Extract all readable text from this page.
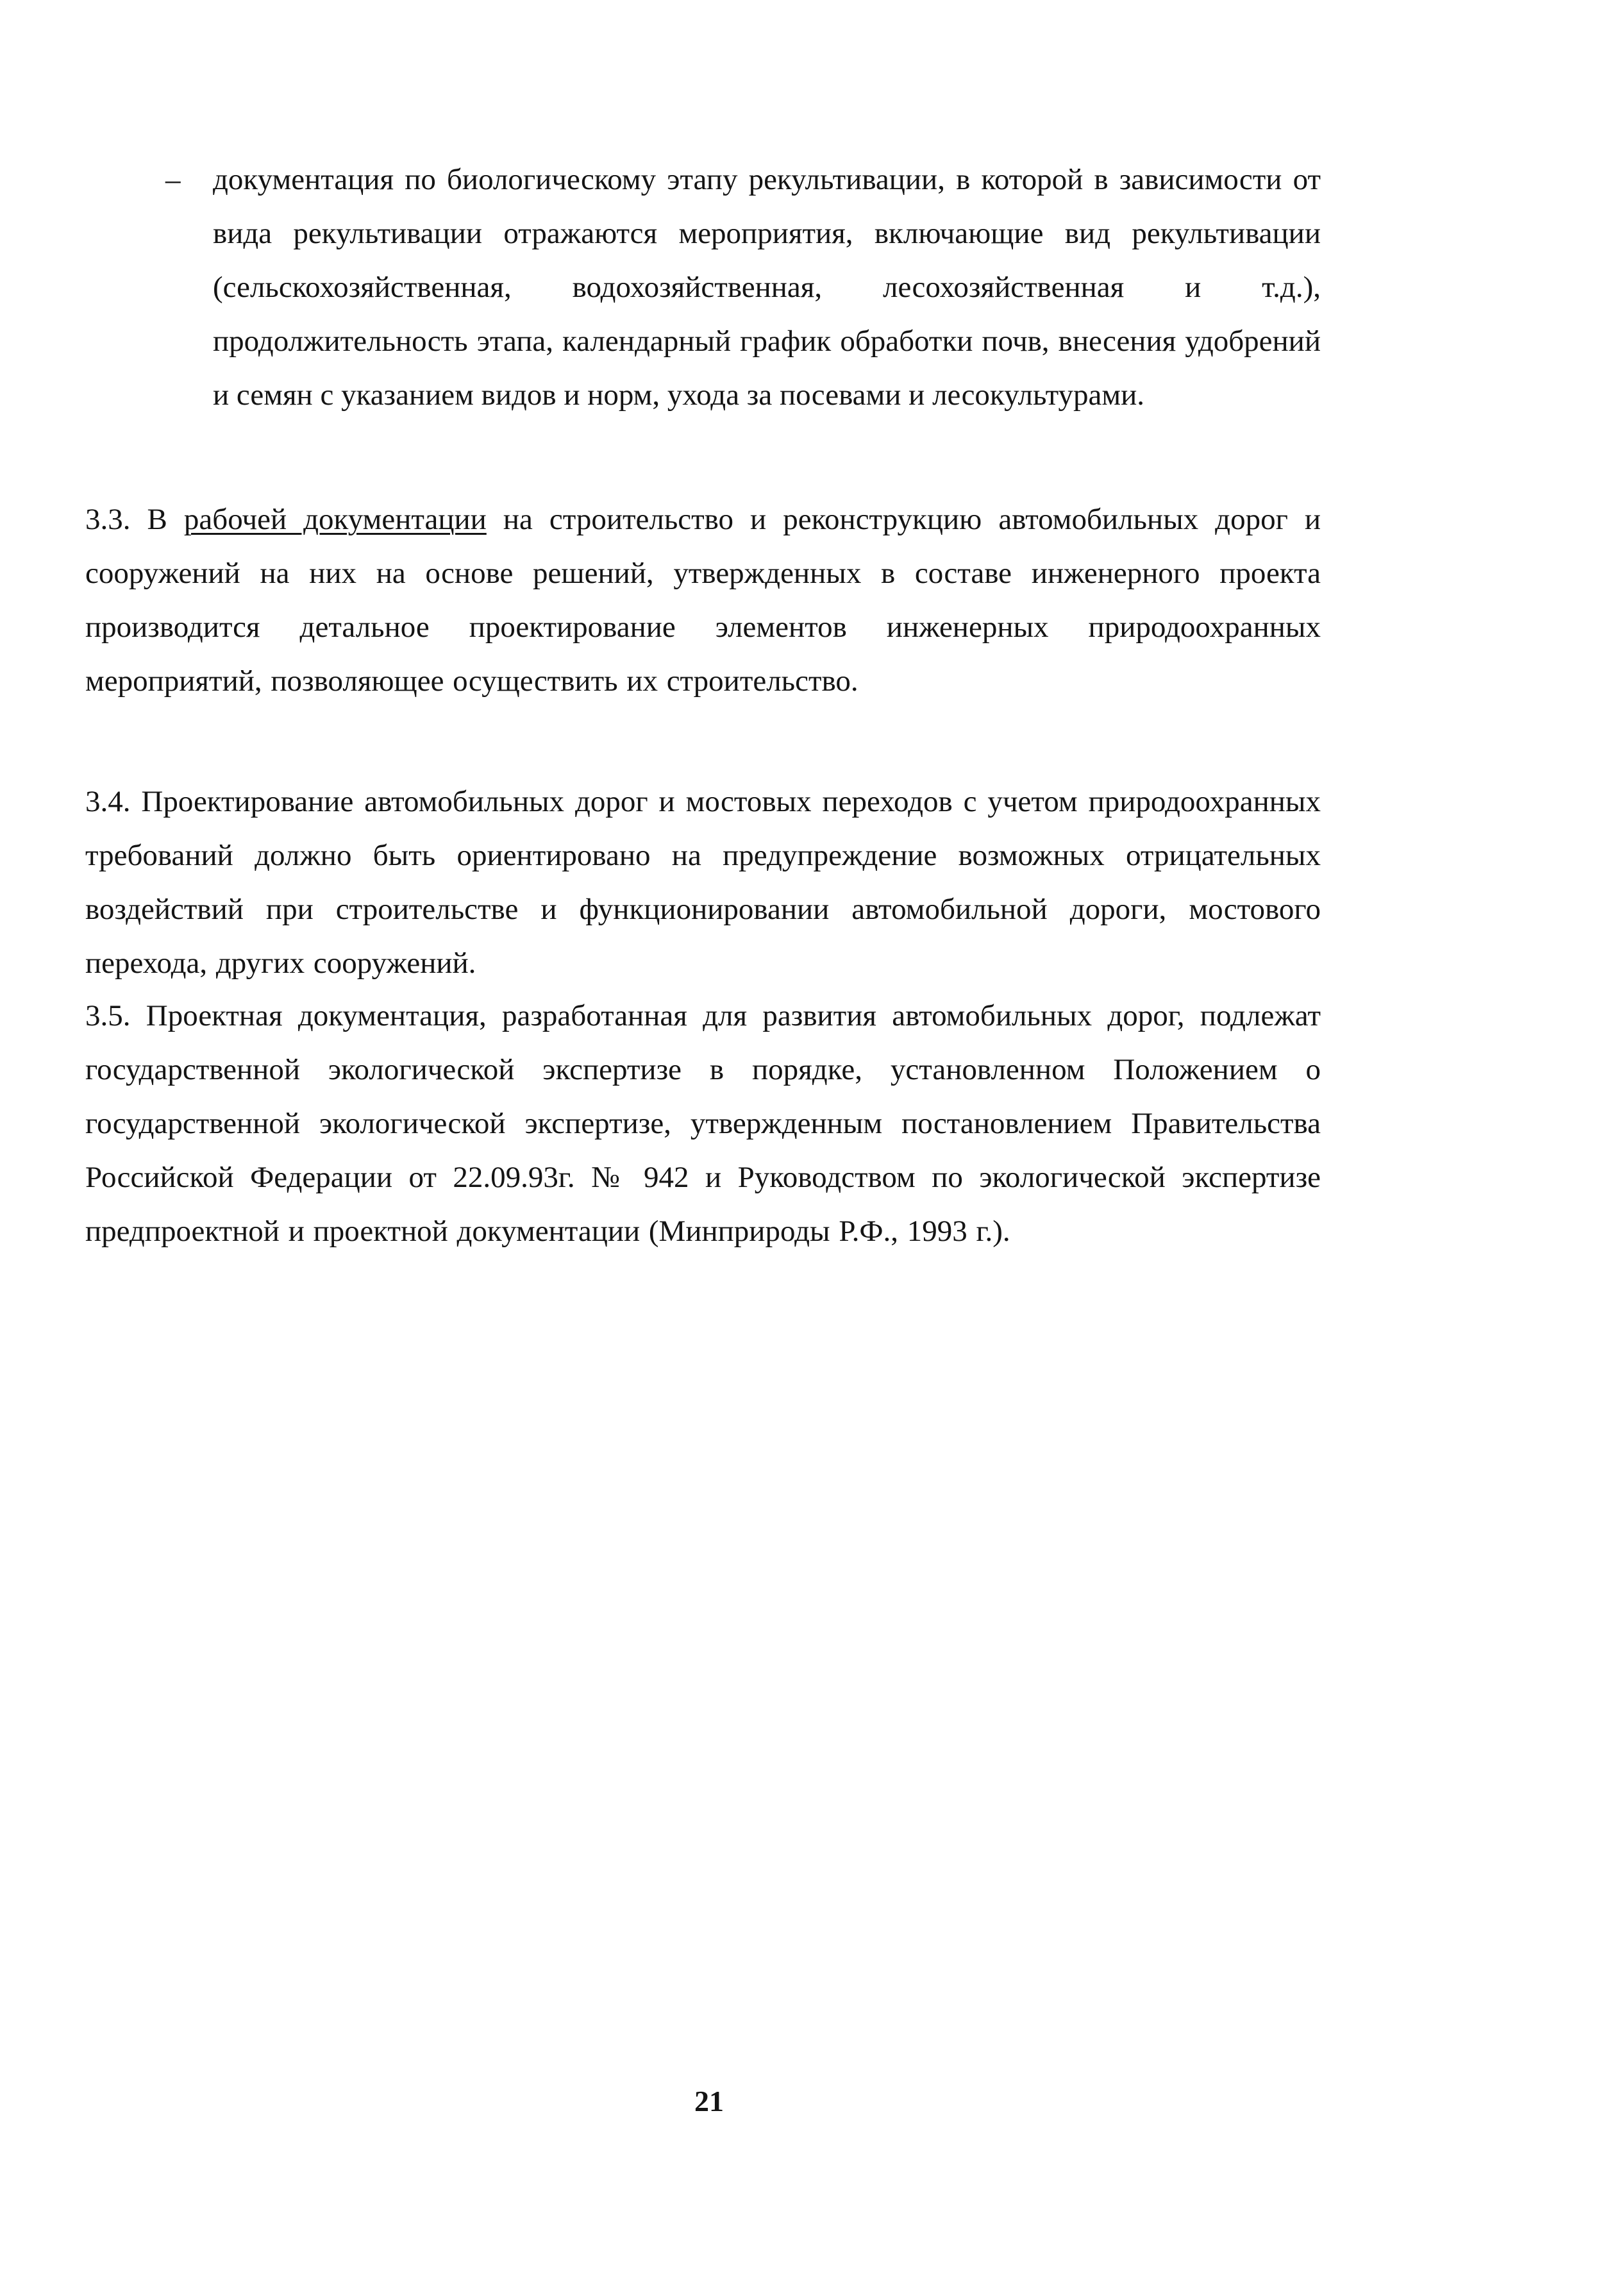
– документация по биологическому этапу рекультивации, в которой в зависимости от вида рекультивации отражаются мероприятия, включающие вид рекультивации (сельскохозяйственная, водохозяйственная, лесохозяйственная и т.д.), продолжительность этапа, календарный график обработки почв, внесения удобрений и семян с указанием видов и норм, ухода за посевами и лесокультурами.
3.3. В рабочей документации на строительство и реконструкцию автомобильных дорог и сооружений на них на основе решений, утвержденных в составе инженерного проекта производится детальное проектирование элементов инженерных природоохранных мероприятий, позволяющее осуществить их строительство.
3.4. Проектирование автомобильных дорог и мостовых переходов с учетом природоохранных требований должно быть ориентировано на предупреждение возможных отрицательных воздействий при строительстве и функционировании автомобильной дороги, мостового перехода, других сооружений.
3.5. Проектная документация, разработанная для развития автомобильных дорог, подлежат государственной экологической экспертизе в порядке, установленном Положением о государственной экологической экспертизе, утвержденным постановлением Правительства Российской Федерации от 22.09.93г. № 942 и Руководством по экологической экспертизе предпроектной и проектной документации (Минприроды Р.Ф., 1993 г.).
21
